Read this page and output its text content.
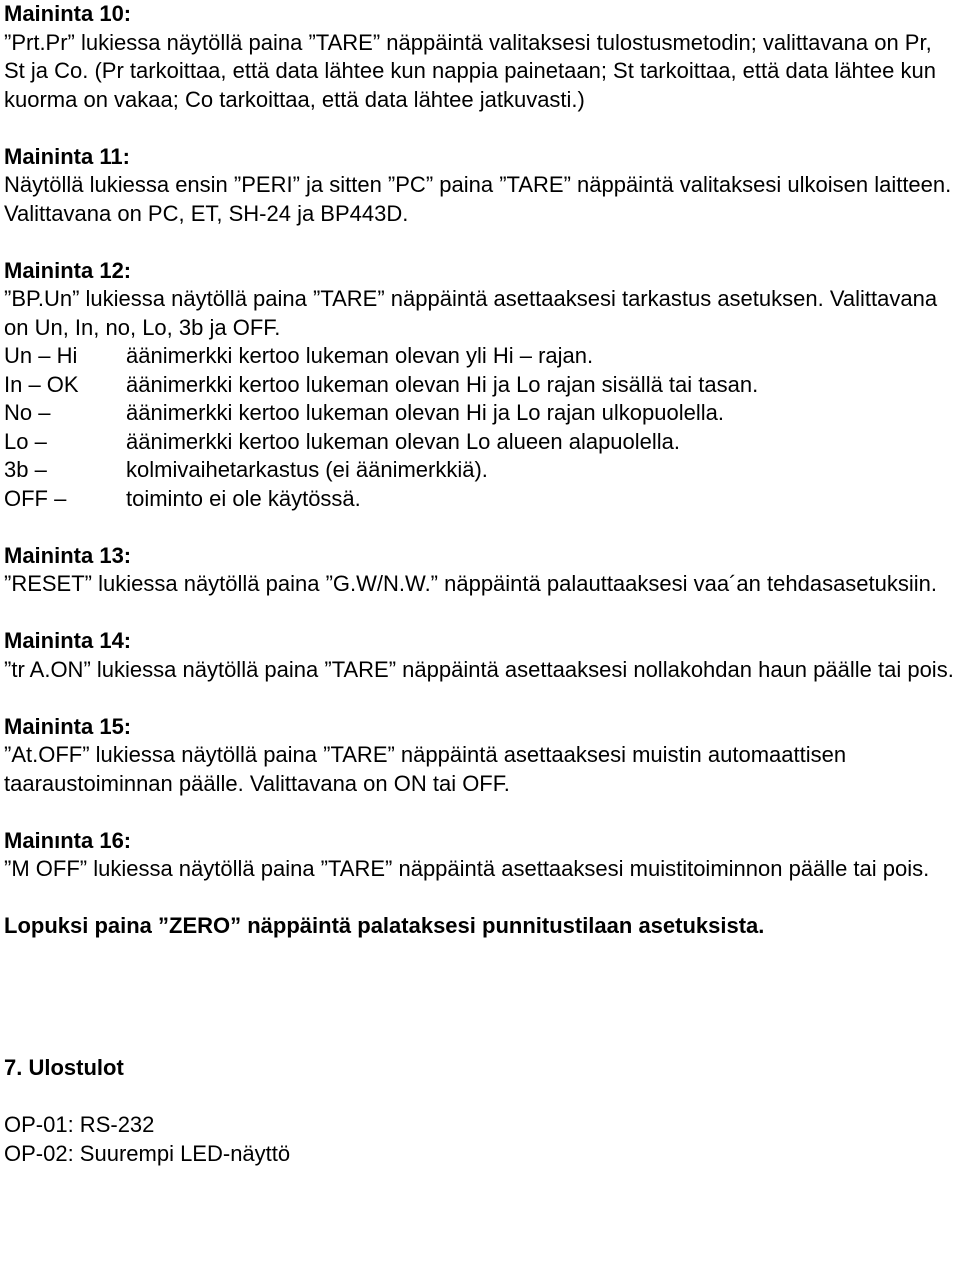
Maininta 10:
”Prt.Pr” lukiessa näytöllä paina ”TARE” näppäintä valitaksesi tulostusmetodin; valittavana on Pr, St ja Co. (Pr tarkoittaa, että data lähtee kun nappia painetaan; St tarkoittaa, että data lähtee kun kuorma on vakaa; Co tarkoittaa, että data lähtee jatkuvasti.)
Maininta 11:
Näytöllä lukiessa ensin ”PERI” ja sitten ”PC” paina ”TARE” näppäintä valitaksesi ulkoisen laitteen. Valittavana on PC, ET, SH-24 ja BP443D.
Maininta 12:
”BP.Un” lukiessa näytöllä paina ”TARE” näppäintä asettaaksesi tarkastus asetuksen. Valittavana on Un, In, no, Lo, 3b ja OFF.
Un – Hi	äänimerkki kertoo lukeman olevan yli Hi – rajan.
In – OK	äänimerkki kertoo lukeman olevan Hi ja Lo rajan sisällä tai tasan.
No –	äänimerkki kertoo lukeman olevan Hi ja Lo rajan ulkopuolella.
Lo –	äänimerkki kertoo lukeman olevan Lo alueen alapuolella.
3b –	kolmivaihetarkastus (ei äänimerkkiä).
OFF –	toiminto ei ole käytössä.
Maininta 13:
”RESET” lukiessa näytöllä paina ”G.W/N.W.” näppäintä palauttaaksesi vaa´an tehdasasetuksiin.
Maininta 14:
”tr A.ON” lukiessa näytöllä paina ”TARE” näppäintä asettaaksesi nollakohdan haun päälle tai pois.
Maininta 15:
”At.OFF” lukiessa näytöllä paina ”TARE” näppäintä asettaaksesi muistin automaattisen taaraustoiminnan päälle. Valittavana on ON tai OFF.
Mainınta 16:
”M OFF” lukiessa näytöllä paina ”TARE” näppäintä asettaaksesi muistitoiminnon päälle tai pois.
Lopuksi paina ”ZERO” näppäintä palataksesi punnitustilaan asetuksista.
7. Ulostulot
OP-01: RS-232
OP-02: Suurempi LED-näyttö
